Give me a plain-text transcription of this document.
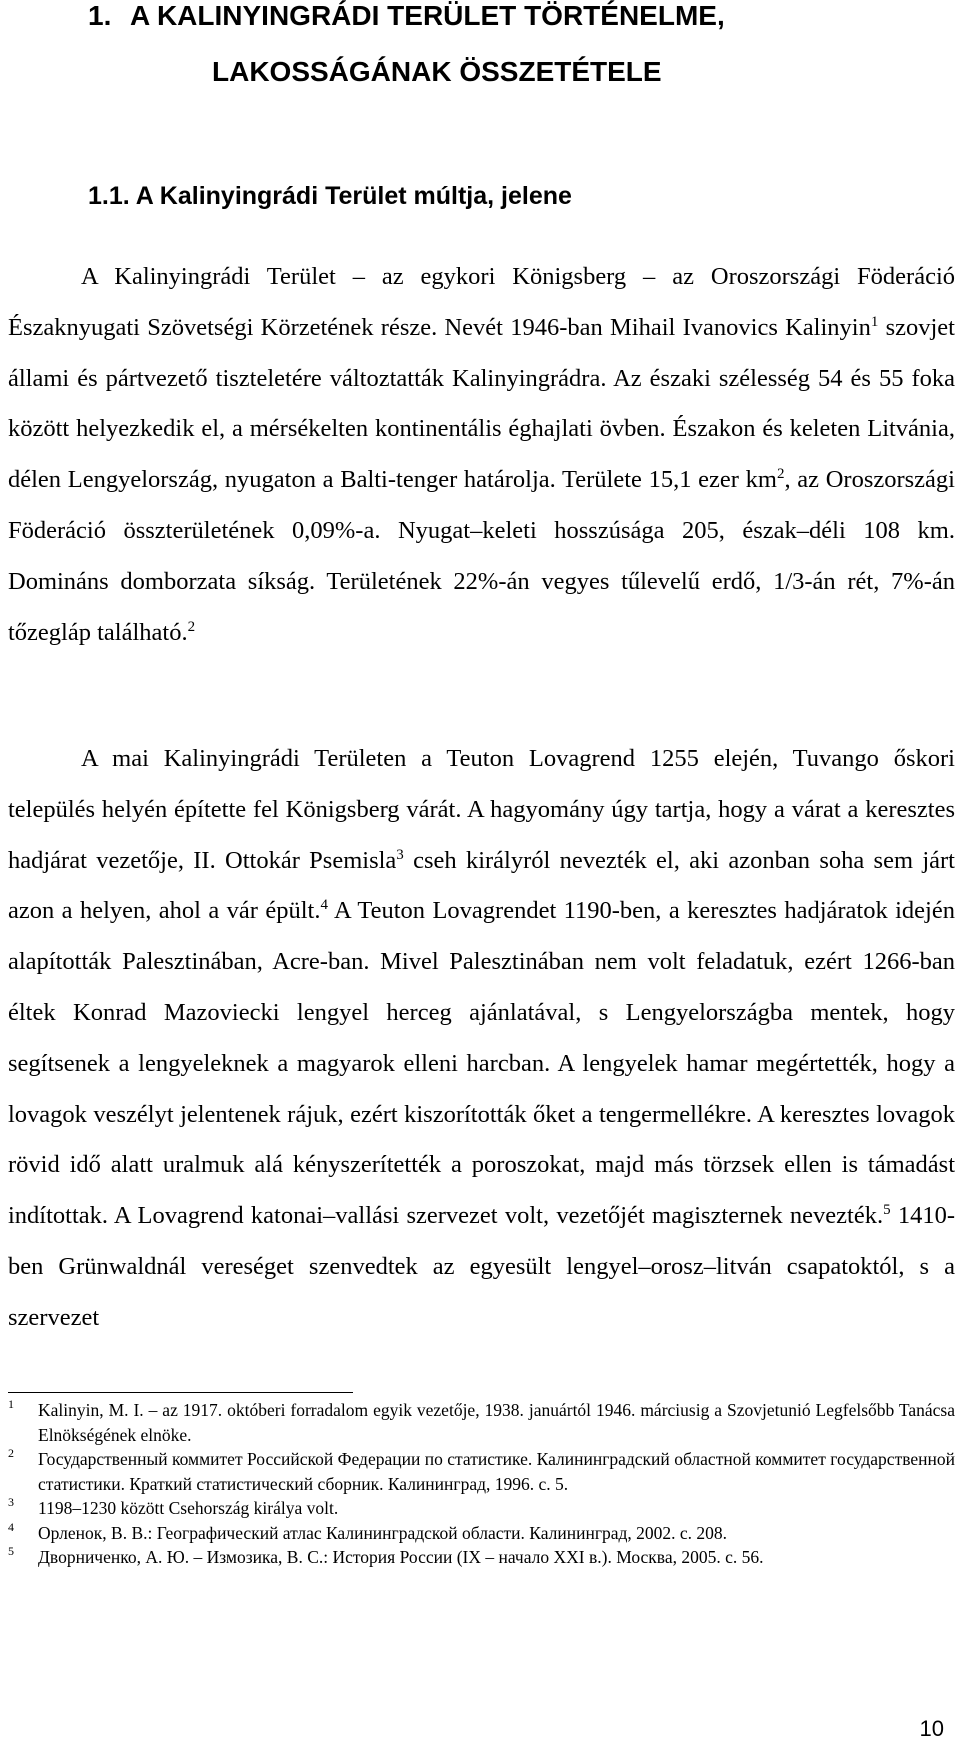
1. A KALINYINGRÁDI TERÜLET TÖRTÉNELME,
LAKOSSÁGÁNAK ÖSSZETÉTELE
1.1. A Kalinyingrádi Terület múltja, jelene

A Kalinyingrádi Terület – az egykori Königsberg – az Oroszországi Föderáció Északnyugati Szövetségi Körzetének része. Nevét 1946-ban Mihail Ivanovics Kalinyin$^1$ szovjet állami és pártvezető tiszteletére változtatták Kalinyingrádra. Az északi szélesség 54 és 55 foka között helyezkedik el, a mérsékelten kontinentális éghajlati övben. Északon és keleten Litvánia, délen Lengyelország, nyugaton a Balti-tenger határolja. Területe 15,1 ezer $km^2$, az Oroszországi Föderáció összterületének 0,09%-a. Nyugat–keleti hosszúsága 205, észak–déli 108 km. Domináns domborzata síkság. Területének 22%-án vegyes tűlevelű erdő, 1/3-án rét, 7%-án tőzegláp található.$^2$

A mai Kalinyingrádi Területen a Teuton Lovagrend 1255 elején, Tuvango őskori település helyén építette fel Königsberg várát. A hagyomány úgy tartja, hogy a várat a keresztes hadjárat vezetője, II. Ottokár Psemisla$^3$ cseh királyról nevezték el, aki azonban soha sem járt azon a helyen, ahol a vár épült.$^4$ A Teuton Lovagrendet 1190-ben, a keresztes hadjáratok idején alapították Palesztinában, Acre-ban. Mivel Palesztinában nem volt feladatuk, ezért 1266-ban éltek Konrad Mazoviecki lengyel herceg ajánlatával, s Lengyelországba mentek, hogy segítsenek a lengyeleknek a magyarok elleni harcban. A lengyelek hamar megértették, hogy a lovagok veszélyt jelentenek rájuk, ezért kiszorították őket a tengermellékre. A keresztes lovagok rövid idő alatt uralmuk alá kényszerítették a poroszokat, majd más törzsek ellen is támadást indítottak. A Lovagrend katonai–vallási szervezet volt, vezetőjét magiszternek nevezték.$^5$ 1410-ben Grünwaldnál vereséget szenvedtek az egyesült lengyel–orosz–litván csapatoktól, s a szervezet

1 Kalinyin, M. I. – az 1917. októberi forradalom egyik vezetője, 1938. januártól 1946. márciusig a Szovjetunió Legfelsőbb Tanácsa Elnökségének elnöke.
2 Государственный коммитет Российской Федерации по статистике. Калининградский областной коммитет государственной статистики. Краткий статистический сборник. Калининград, 1996. с. 5.
3 1198–1230 között Csehország királya volt.
4 Орленок, В. В.: Географический атлас Калининградской области. Калининград, 2002. с. 208.
5 Дворниченко, А. Ю. – Измозика, В. С.: История России (IX – начало XXI в.). Москва, 2005. с. 56.
10
